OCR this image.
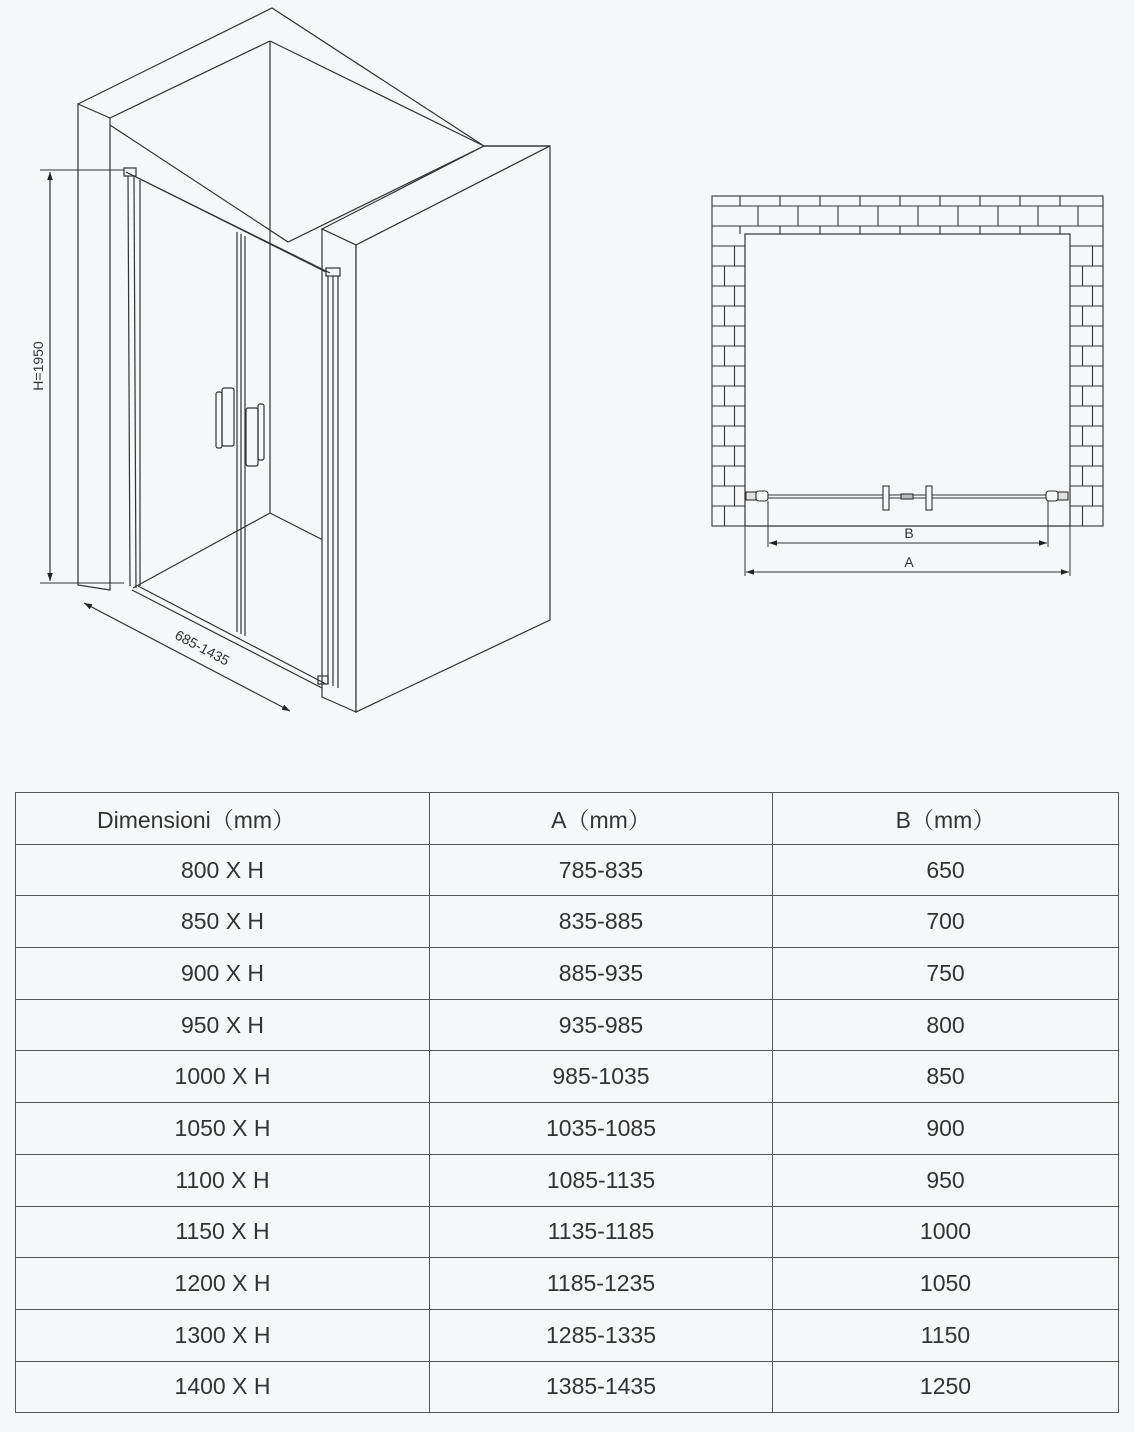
H=1950
685-1435
B
A
Dimensioni（mm）	A（mm）	B（mm）
800 X H	785-835	650
850 X H	835-885	700
900 X H	885-935	750
950 X H	935-985	800
1000 X H	985-1035	850
1050 X H	1035-1085	900
1100 X H	1085-1135	950
1150 X H	1135-1185	1000
1200 X H	1185-1235	1050
1300 X H	1285-1335	1150
1400 X H	1385-1435	1250
